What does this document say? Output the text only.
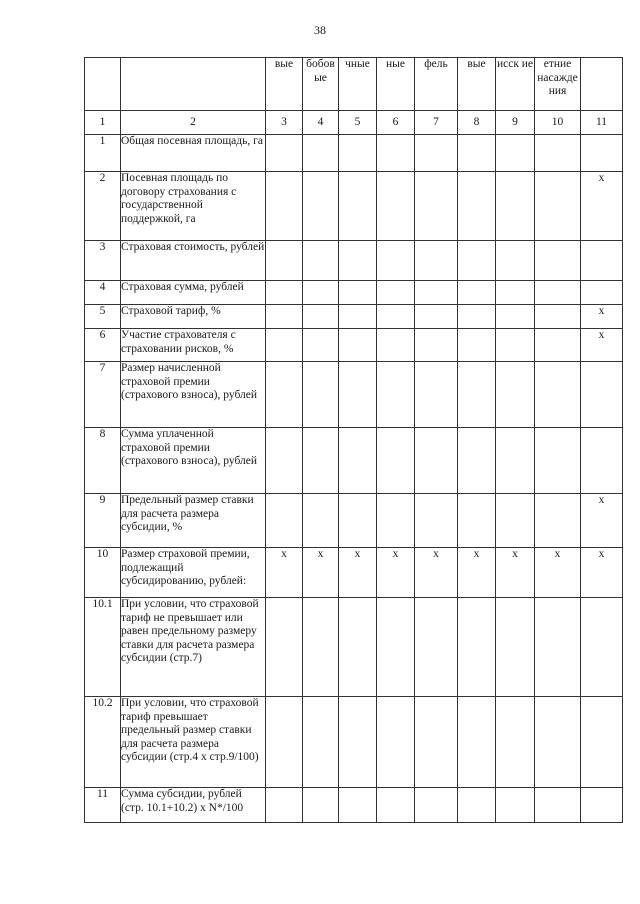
38
		вые	бобов ые	чные	ные	фель	вые	иcск ие	етние насажде ния	
1	2	3	4	5	6	7	8	9	10	11
1	Общая посевная площадь, га									
2	Посевная площадь по договору страхования с государственной поддержкой, га									x
3	Страховая стоимость, рублей									
4	Страховая сумма, рублей									
5	Страховой тариф, %									x
6	Участие страхователя с страховании рисков, %									x
7	Размер начисленной страховой премии (страхового взноса), рублей									
8	Сумма уплаченной страховой премии (страхового взноса), рублей									
9	Предельный размер ставки для расчета размера субсидии, %									x
10	Размер страховой премии, подлежащий субсидированию, рублей:	x	x	x	x	x	x	x	x	x
10.1	При условии, что страховой тариф не превышает или равен предельному размеру ставки для расчета размера субсидии (стр.7)									
10.2	При условии, что страховой тариф превышает предельный размер ставки для расчета размера субсидии (стр.4 x стр.9/100)									
11	Сумма субсидии, рублей (стр. 10.1+10.2) x N*/100									
